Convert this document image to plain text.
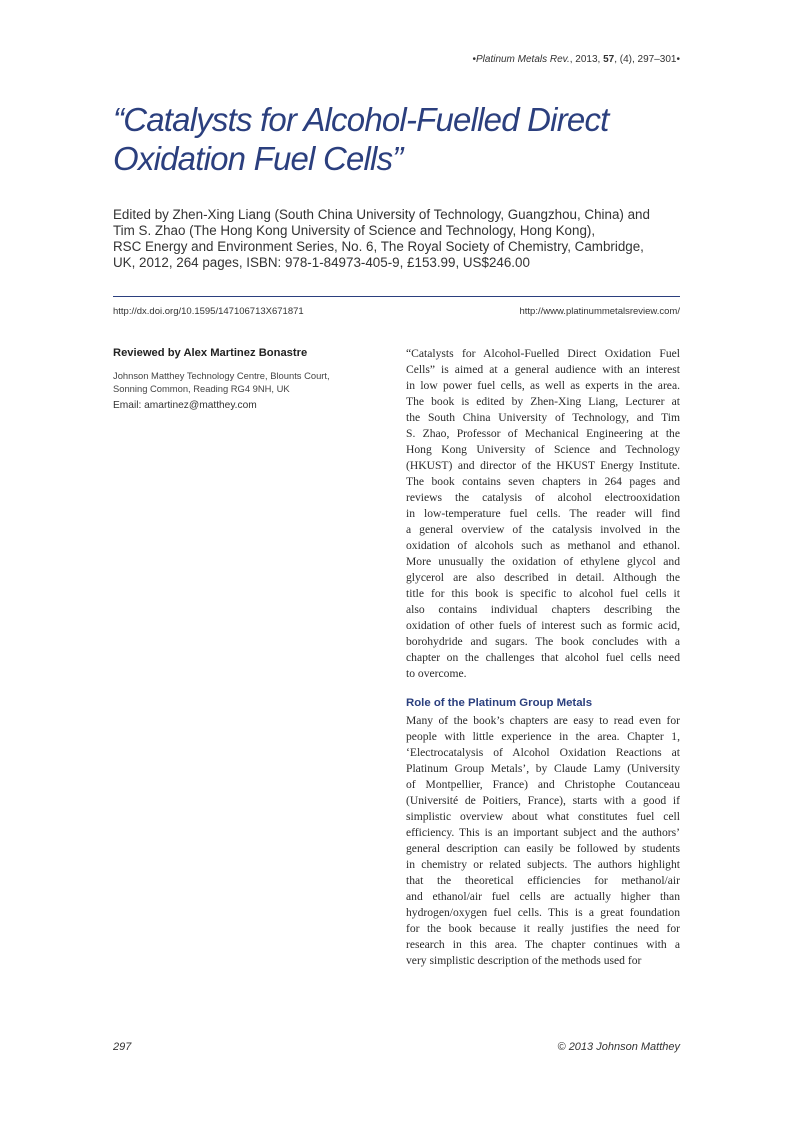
•Platinum Metals Rev., 2013, 57, (4), 297–301•
“Catalysts for Alcohol-Fuelled Direct
Oxidation Fuel Cells”
Edited by Zhen-Xing Liang (South China University of Technology, Guangzhou, China) and
Tim S. Zhao (The Hong Kong University of Science and Technology, Hong Kong),
RSC Energy and Environment Series, No. 6, The Royal Society of Chemistry, Cambridge,
UK, 2012, 264 pages, ISBN: 978-1-84973-405-9, £153.99, US$246.00
http://dx.doi.org/10.1595/147106713X671871	http://www.platinummetalsreview.com/
Reviewed by Alex Martinez Bonastre
Johnson Matthey Technology Centre, Blounts Court,
Sonning Common, Reading RG4 9NH, UK
Email: amartinez@matthey.com
“Catalysts for Alcohol-Fuelled Direct Oxidation Fuel
Cells” is aimed at a general audience with an interest
in low power fuel cells, as well as experts in the area.
The book is edited by Zhen-Xing Liang, Lecturer at
the South China University of Technology, and Tim
S. Zhao, Professor of Mechanical Engineering at the
Hong Kong University of Science and Technology
(HKUST) and director of the HKUST Energy Institute.
The book contains seven chapters in 264 pages and
reviews the catalysis of alcohol electrooxidation
in low-temperature fuel cells. The reader will find
a general overview of the catalysis involved in the
oxidation of alcohols such as methanol and ethanol.
More unusually the oxidation of ethylene glycol and
glycerol are also described in detail. Although the
title for this book is specific to alcohol fuel cells it
also contains individual chapters describing the
oxidation of other fuels of interest such as formic acid,
borohydride and sugars. The book concludes with a
chapter on the challenges that alcohol fuel cells need
to overcome.
Role of the Platinum Group Metals
Many of the book’s chapters are easy to read even for
people with little experience in the area. Chapter 1,
‘Electrocatalysis of Alcohol Oxidation Reactions at
Platinum Group Metals’, by Claude Lamy (University
of Montpellier, France) and Christophe Coutanceau
(Université de Poitiers, France), starts with a good if
simplistic overview about what constitutes fuel cell
efficiency. This is an important subject and the authors’
general description can easily be followed by students
in chemistry or related subjects. The authors highlight
that the theoretical efficiencies for methanol/air
and ethanol/air fuel cells are actually higher than
hydrogen/oxygen fuel cells. This is a great foundation
for the book because it really justifies the need for
research in this area. The chapter continues with a
very simplistic description of the methods used for
297	© 2013 Johnson Matthey
